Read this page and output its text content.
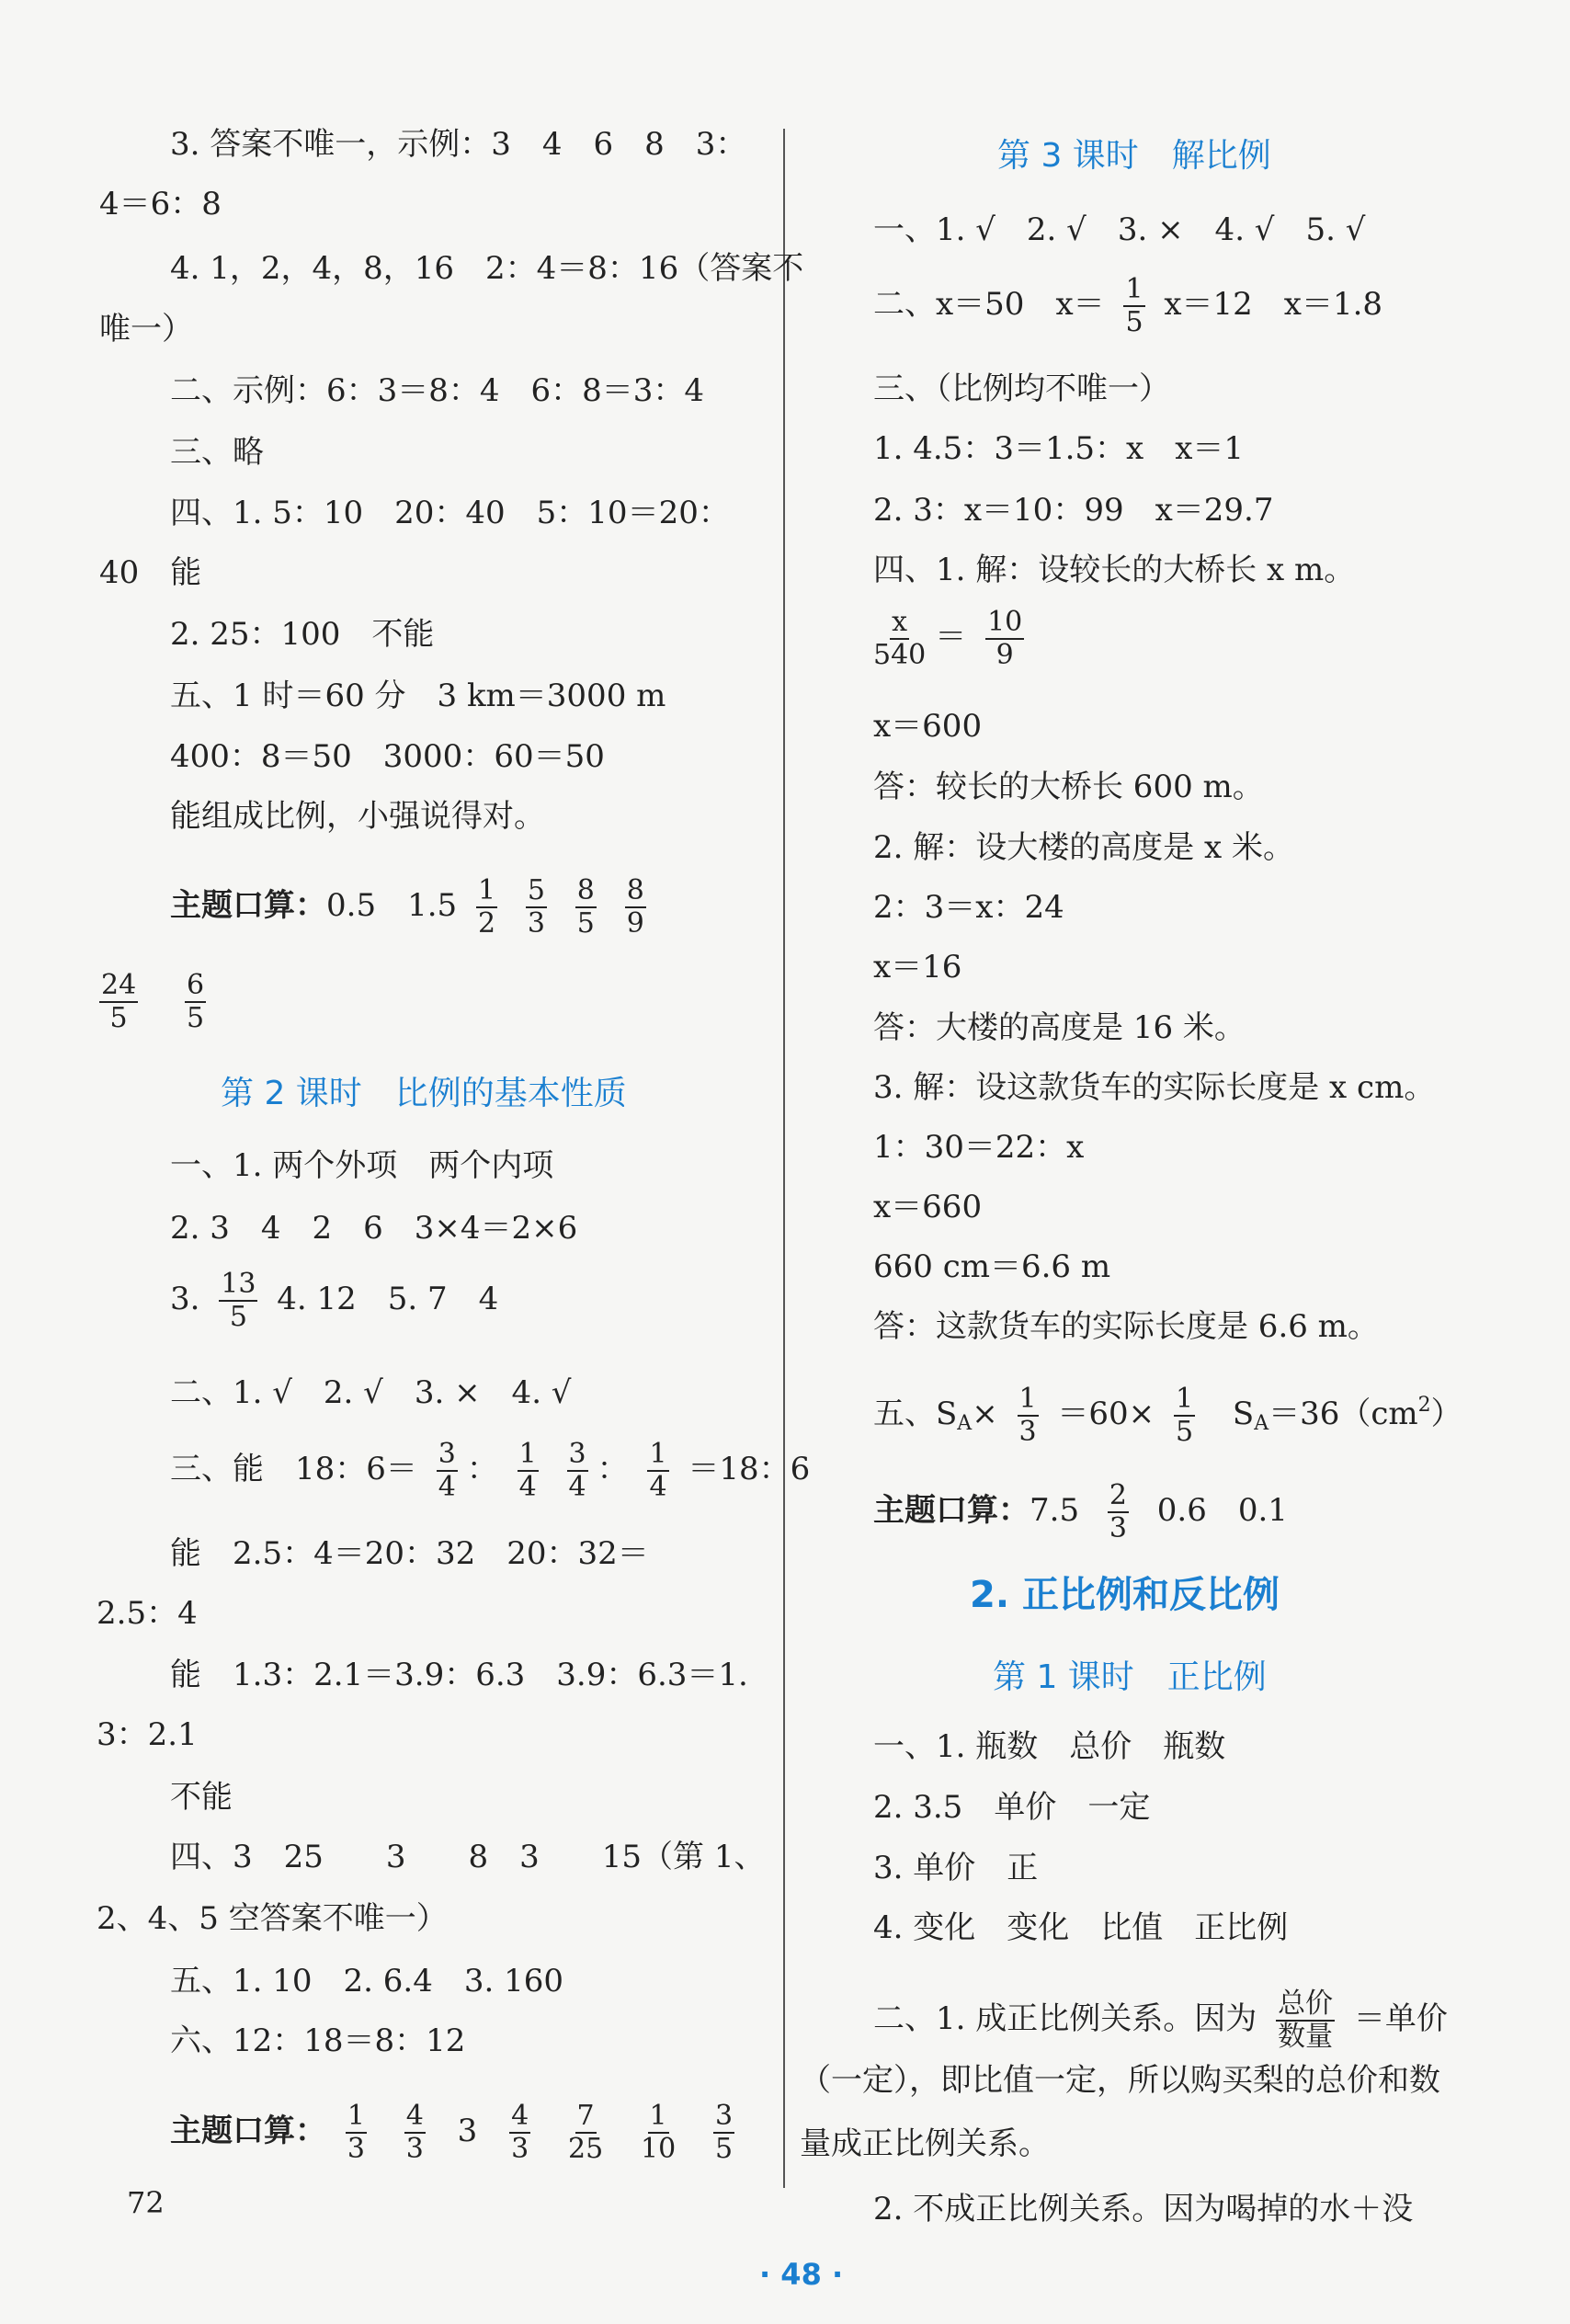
3. 答案不唯一，示例：3　4　6　8　3：
4＝6：8
4. 1，2，4，8，16　2：4＝8：16（答案不
唯一）
二、示例：6：3＝8：4　6：8＝3：4
三、略
四、1. 5：10　20：40　5：10＝20：
40　能
2. 25：100　不能
五、1 时＝60 分　3 km＝3000 m
400：8＝50　3000：60＝50
能组成比例，小强说得对。
主题口算：0.5　$1.5 \frac{1}{2}$
$\frac{5}{3}$
$\frac{8}{5}$
$\frac{8}{9}$
$\frac{24}{5}$
$\frac{6}{5}$
第 2 课时　比例的基本性质
一、1. 两个外项　两个内项
2. 3　4　2　6　3×4＝2×6
3. $\frac{13}{5} 4$. 12　5. 7　4
二、1. √　2. √　3. ×　4. √
三、能　18：$6= \frac{3}{4}$ ： $\frac{1}{4}$
$\frac{3}{4}$ ： $\frac{1}{4} =18$：6
能　2.5：4＝20：32　20：32＝
2.5：4
能　1.3：2.1＝3.9：6.3　3.9：6.3＝1.
3：2.1
不能
四、3　25　　3　　8　3　　15（第 1、
2、4、5 空答案不唯一）
五、1. 10　2. 6.4　3. 160
六、12：18＝8：12
主题口算： $\frac{1}{3}$
$\frac{4}{3} 3 \frac{4}{3}$
$\frac{7}{25}$
$\frac{1}{10}$
$\frac{3}{5}$
72
第 3 课时　解比例
一、1. √　2. √　3. ×　4. √　5. √
二、x＝50　$x= \frac{1}{5} x=12$　x＝1.8
三、（比例均不唯一）
1. 4.5：3＝1.5：x　x＝1
2. 3：x＝10：99　x＝29.7
四、1. 解：设较长的大桥长 x m。
$\frac{x}{540} = \frac{10}{9}$
x＝600
答：较长的大桥长 600 m。
2. 解：设大楼的高度是 x 米。
2：3＝x：24
x＝16
答：大楼的高度是 16 米。
3. 解：设这款货车的实际长度是 x cm。
1：30＝22：x
x＝660
660 cm＝6.6 m
答：这款货车的实际长度是 6.6 m。
五、$S_A\times \frac{1}{3} =60\times \frac{1}{5} S_A=36(cm^2)$
主题口算：$7.5 \frac{2}{3} 0.6$　0.1
2. 正比例和反比例
第 1 课时　正比例
一、1. 瓶数　总价　瓶数
2. 3.5　单价　一定
3. 单价　正
4. 变化　变化　比值　正比例
二、1. 成正比例关系。因为 $\frac{\text{总价}}{\text{数量}}$ ＝单价
（一定），即比值一定，所以购买梨的总价和数
量成正比例关系。
2. 不成正比例关系。因为喝掉的水＋没
· 48 ·
